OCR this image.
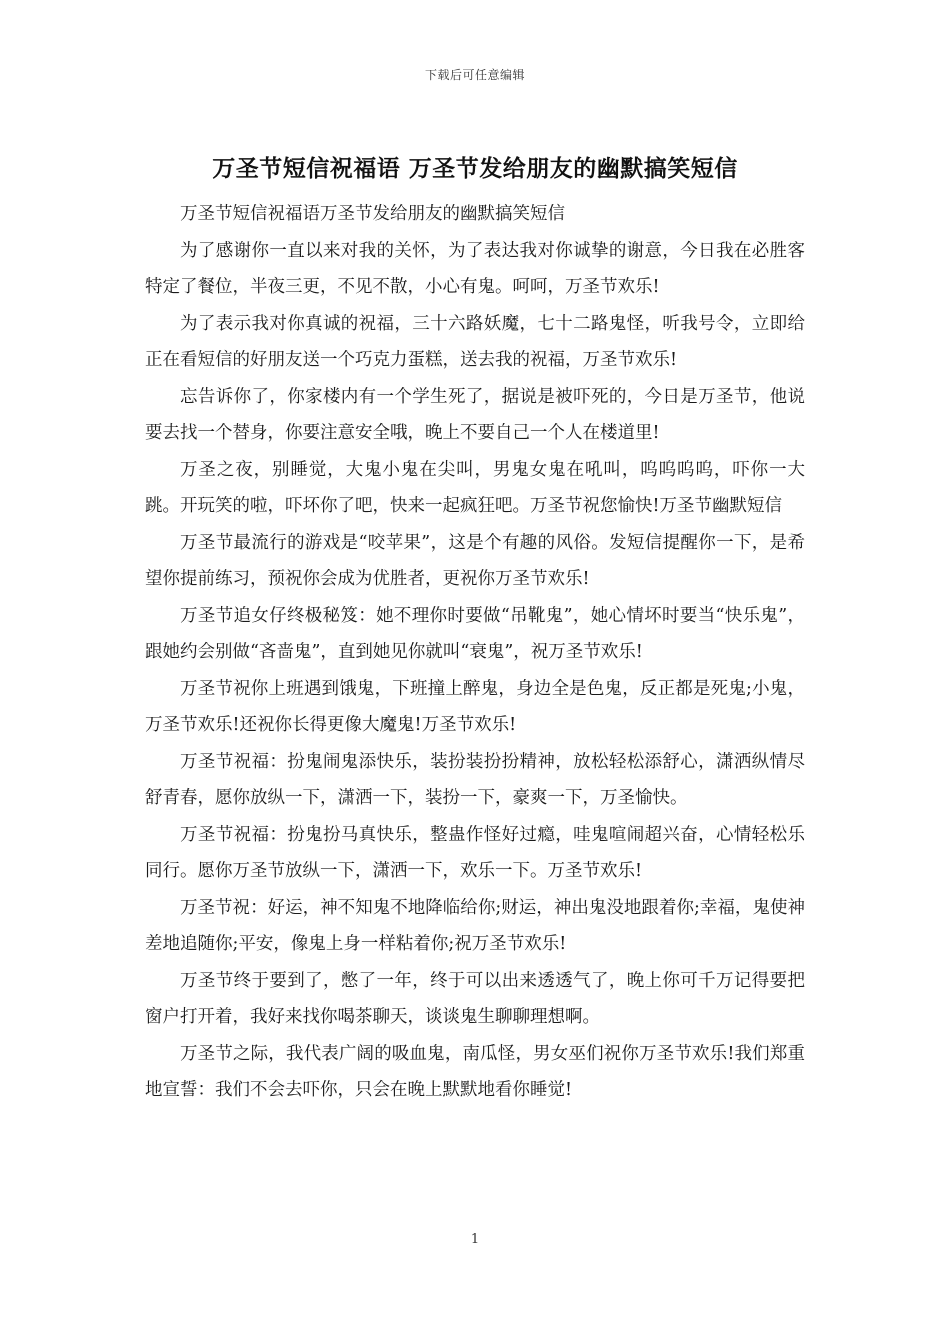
下载后可任意编辑
万圣节短信祝福语 万圣节发给朋友的幽默搞笑短信

万圣节短信祝福语万圣节发给朋友的幽默搞笑短信

为了感谢你一直以来对我的关怀，为了表达我对你诚挚的谢意，今日我在必胜客特定了餐位，半夜三更，不见不散，小心有鬼。呵呵，万圣节欢乐!

为了表示我对你真诚的祝福，三十六路妖魔，七十二路鬼怪，听我号令，立即给正在看短信的好朋友送一个巧克力蛋糕，送去我的祝福，万圣节欢乐!

忘告诉你了，你家楼内有一个学生死了，据说是被吓死的，今日是万圣节，他说要去找一个替身，你要注意安全哦，晚上不要自己一个人在楼道里!

万圣之夜，别睡觉，大鬼小鬼在尖叫，男鬼女鬼在吼叫，呜呜呜呜，吓你一大跳。开玩笑的啦，吓坏你了吧，快来一起疯狂吧。万圣节祝您愉快!万圣节幽默短信

万圣节最流行的游戏是“咬苹果”，这是个有趣的风俗。发短信提醒你一下，是希望你提前练习，预祝你会成为优胜者，更祝你万圣节欢乐!

万圣节追女仔终极秘笈：她不理你时要做“吊靴鬼”，她心情坏时要当“快乐鬼”，跟她约会别做“吝啬鬼”，直到她见你就叫“衰鬼”，祝万圣节欢乐!

万圣节祝你上班遇到饿鬼，下班撞上醉鬼，身边全是色鬼，反正都是死鬼;小鬼，万圣节欢乐!还祝你长得更像大魔鬼!万圣节欢乐!

万圣节祝福：扮鬼闹鬼添快乐，装扮装扮扮精神，放松轻松添舒心，潇洒纵情尽舒青春，愿你放纵一下，潇洒一下，装扮一下，豪爽一下，万圣愉快。

万圣节祝福：扮鬼扮马真快乐，整蛊作怪好过瘾，哇鬼喧闹超兴奋，心情轻松乐同行。愿你万圣节放纵一下，潇洒一下，欢乐一下。万圣节欢乐!

万圣节祝：好运，神不知鬼不地降临给你;财运，神出鬼没地跟着你;幸福，鬼使神差地追随你;平安，像鬼上身一样粘着你;祝万圣节欢乐!

万圣节终于要到了，憋了一年，终于可以出来透透气了，晚上你可千万记得要把窗户打开着，我好来找你喝茶聊天，谈谈鬼生聊聊理想啊。

万圣节之际，我代表广阔的吸血鬼，南瓜怪，男女巫们祝你万圣节欢乐!我们郑重地宣誓：我们不会去吓你，只会在晚上默默地看你睡觉!

1
